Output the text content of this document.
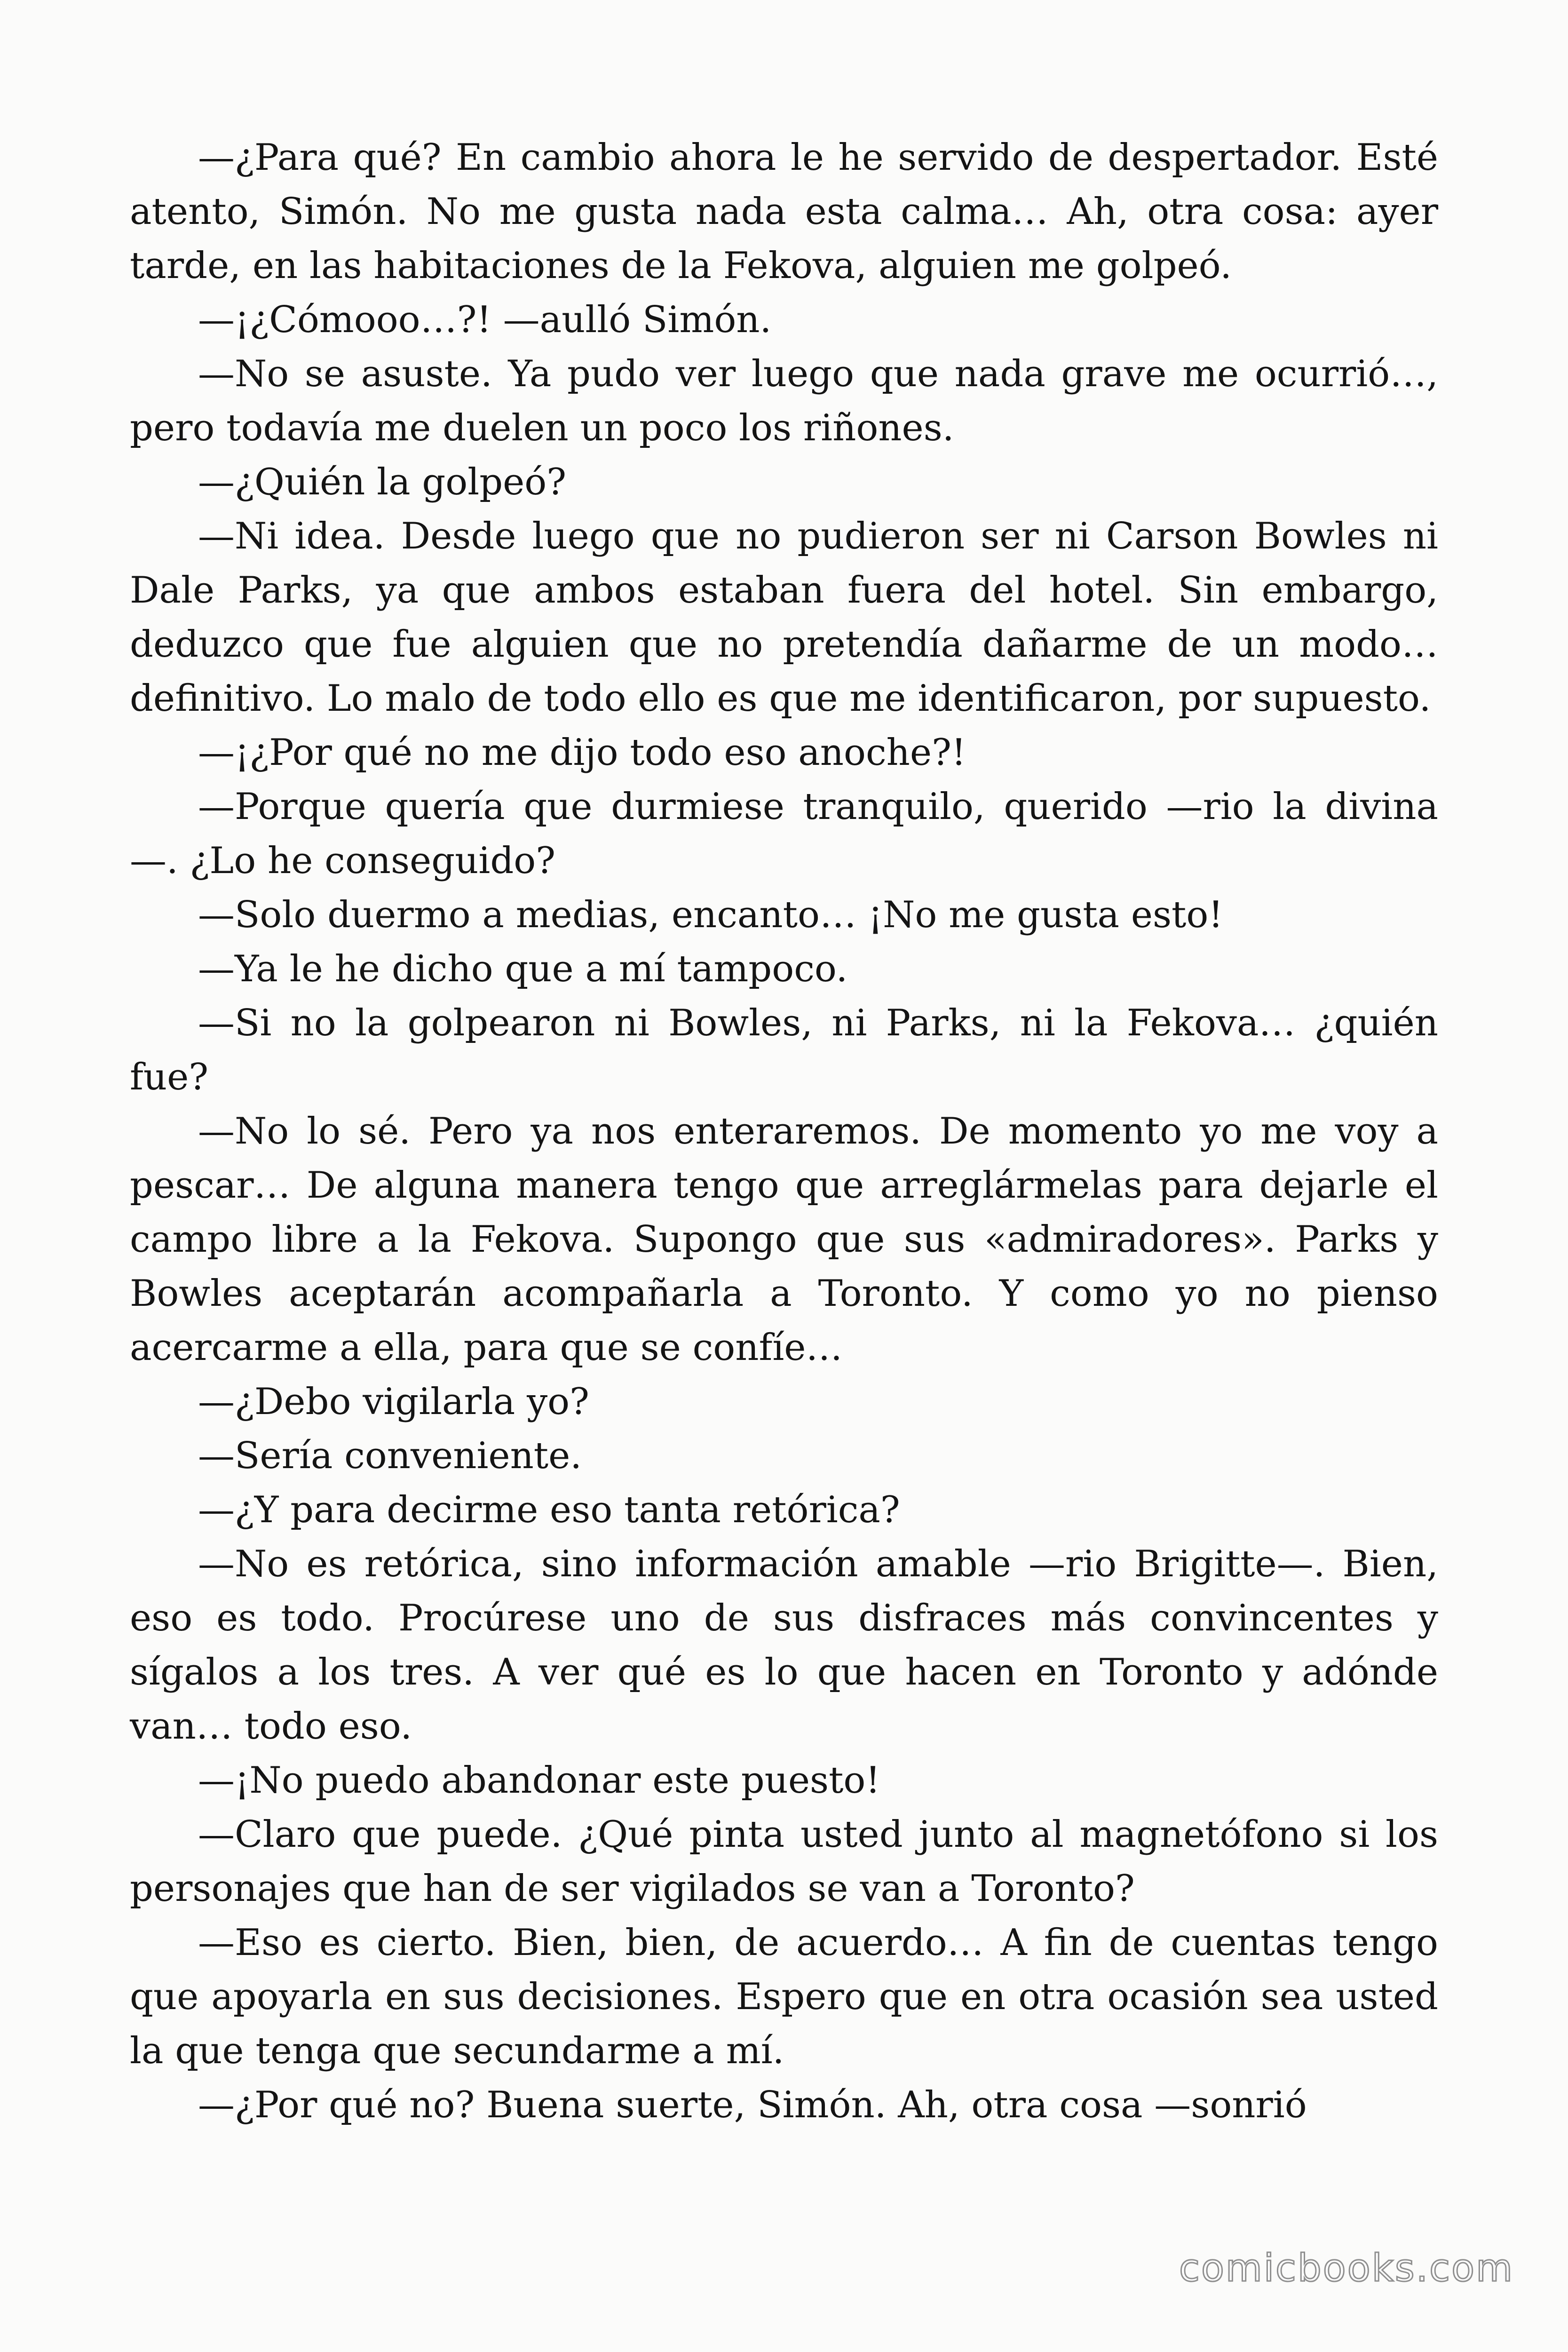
—¿Para qué? En cambio ahora le he servido de despertador. Esté atento, Simón. No me gusta nada esta calma… Ah, otra cosa: ayer tarde, en las habitaciones de la Fekova, alguien me golpeó.

—¡¿Cómooo…?! —aulló Simón.

—No se asuste. Ya pudo ver luego que nada grave me ocurrió…, pero todavía me duelen un poco los riñones.

—¿Quién la golpeó?

—Ni idea. Desde luego que no pudieron ser ni Carson Bowles ni Dale Parks, ya que ambos estaban fuera del hotel. Sin embargo, deduzco que fue alguien que no pretendía dañarme de un modo… definitivo. Lo malo de todo ello es que me identificaron, por supuesto.

—¡¿Por qué no me dijo todo eso anoche?!

—Porque quería que durmiese tranquilo, querido —rio la divina —. ¿Lo he conseguido?

—Solo duermo a medias, encanto… ¡No me gusta esto!

—Ya le he dicho que a mí tampoco.

—Si no la golpearon ni Bowles, ni Parks, ni la Fekova… ¿quién fue?

—No lo sé. Pero ya nos enteraremos. De momento yo me voy a pescar… De alguna manera tengo que arreglármelas para dejarle el campo libre a la Fekova. Supongo que sus «admiradores». Parks y Bowles aceptarán acompañarla a Toronto. Y como yo no pienso acercarme a ella, para que se confíe…

—¿Debo vigilarla yo?

—Sería conveniente.

—¿Y para decirme eso tanta retórica?

—No es retórica, sino información amable —rio Brigitte—. Bien, eso es todo. Procúrese uno de sus disfraces más convincentes y sígalos a los tres. A ver qué es lo que hacen en Toronto y adónde van… todo eso.

—¡No puedo abandonar este puesto!

—Claro que puede. ¿Qué pinta usted junto al magnetófono si los personajes que han de ser vigilados se van a Toronto?

—Eso es cierto. Bien, bien, de acuerdo… A fin de cuentas tengo que apoyarla en sus decisiones. Espero que en otra ocasión sea usted la que tenga que secundarme a mí.

—¿Por qué no? Buena suerte, Simón. Ah, otra cosa —sonrió

comicbooks.com
